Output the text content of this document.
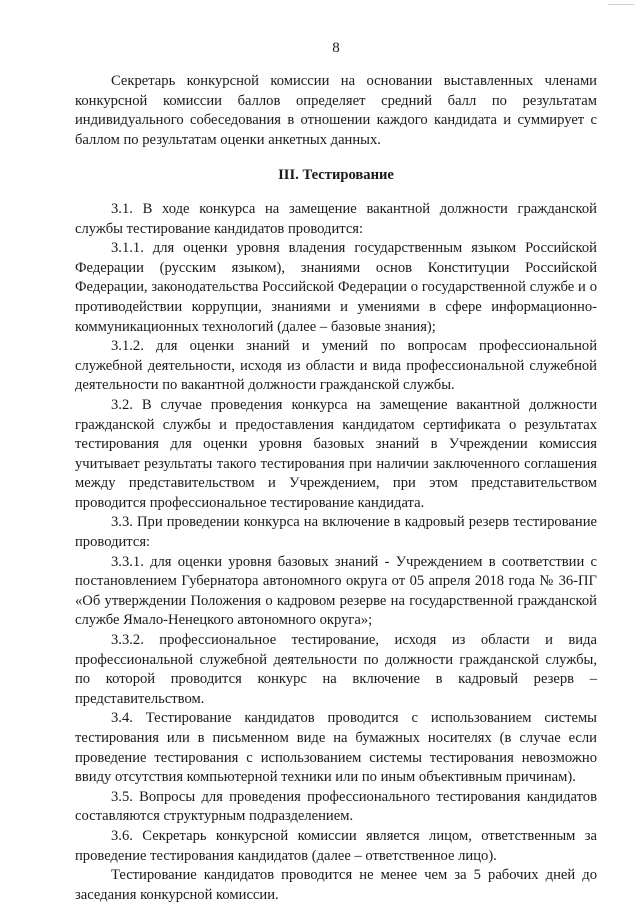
8

Секретарь конкурсной комиссии на основании выставленных членами конкурсной комиссии баллов определяет средний балл по результатам индивидуального собеседования в отношении каждого кандидата и суммирует с баллом по результатам оценки анкетных данных.

III. Тестирование

3.1. В ходе конкурса на замещение вакантной должности гражданской службы тестирование кандидатов проводится:

3.1.1. для оценки уровня владения государственным языком Российской Федерации (русским языком), знаниями основ Конституции Российской Федерации, законодательства Российской Федерации о государственной службе и о противодействии коррупции, знаниями и умениями в сфере информационно-коммуникационных технологий (далее – базовые знания);

3.1.2. для оценки знаний и умений по вопросам профессиональной служебной деятельности, исходя из области и вида профессиональной служебной деятельности по вакантной должности гражданской службы.

3.2. В случае проведения конкурса на замещение вакантной должности гражданской службы и предоставления кандидатом сертификата о результатах тестирования для оценки уровня базовых знаний в Учреждении комиссия учитывает результаты такого тестирования при наличии заключенного соглашения между представительством и Учреждением, при этом представительством проводится профессиональное тестирование кандидата.

3.3. При проведении конкурса на включение в кадровый резерв тестирование проводится:

3.3.1. для оценки уровня базовых знаний - Учреждением в соответствии с постановлением Губернатора автономного округа от 05 апреля 2018 года № 36-ПГ «Об утверждении Положения о кадровом резерве на государственной гражданской службе Ямало-Ненецкого автономного округа»;

3.3.2. профессиональное тестирование, исходя из области и вида профессиональной служебной деятельности по должности гражданской службы, по которой проводится конкурс на включение в кадровый резерв – представительством.

3.4. Тестирование кандидатов проводится с использованием системы тестирования или в письменном виде на бумажных носителях (в случае если проведение тестирования с использованием системы тестирования невозможно ввиду отсутствия компьютерной техники или по иным объективным причинам).

3.5. Вопросы для проведения профессионального тестирования кандидатов составляются структурным подразделением.

3.6. Секретарь конкурсной комиссии является лицом, ответственным за проведение тестирования кандидатов (далее – ответственное лицо).

Тестирование кандидатов проводится не менее чем за 5 рабочих дней до заседания конкурсной комиссии.
